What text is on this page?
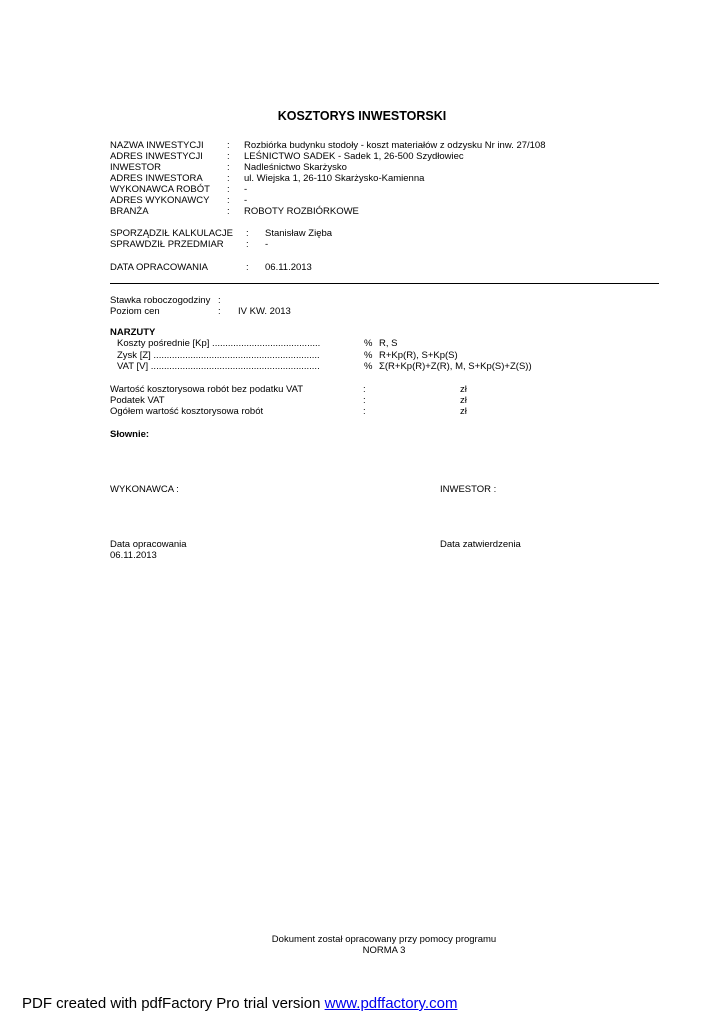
KOSZTORYS INWESTORSKI
NAZWA INWESTYCJI : Rozbiórka budynku stodoły - koszt materiałów z odzysku Nr inw. 27/108
ADRES INWESTYCJI	: LEŚNICTWO SADEK - Sadek 1, 26-500 Szydłowiec
INWESTOR	: Nadleśnictwo Skarżysko
ADRES INWESTORA	: ul. Wiejska 1, 26-110 Skarżysko-Kamienna
WYKONAWCA ROBÓT : -
ADRES WYKONAWCY : -
BRANŻA	: ROBOTY ROZBIÓRKOWE
SPORZĄDZIŁ KALKULACJE : Stanisław Zięba
SPRAWDZIŁ PRZEDMIAR : -
DATA OPRACOWANIA	: 06.11.2013
Stawka roboczogodziny :
Poziom cen	: IV KW. 2013
NARZUTY
Koszty pośrednie [Kp] .........................................	% R, S
Zysk [Z] ...............................................................	% R+Kp(R), S+Kp(S)
VAT [V] ................................................................	% Σ(R+Kp(R)+Z(R), M, S+Kp(S)+Z(S))
Wartość kosztorysowa robót bez podatku VAT	:	zł
Podatek VAT	:	zł
Ogółem wartość kosztorysowa robót	:	zł
Słownie:
WYKONAWCA :	INWESTOR :
Data opracowania
06.11.2013
Data zatwierdzenia
Dokument został opracowany przy pomocy programu
NORMA 3
PDF created with pdfFactory Pro trial version www.pdffactory.com
